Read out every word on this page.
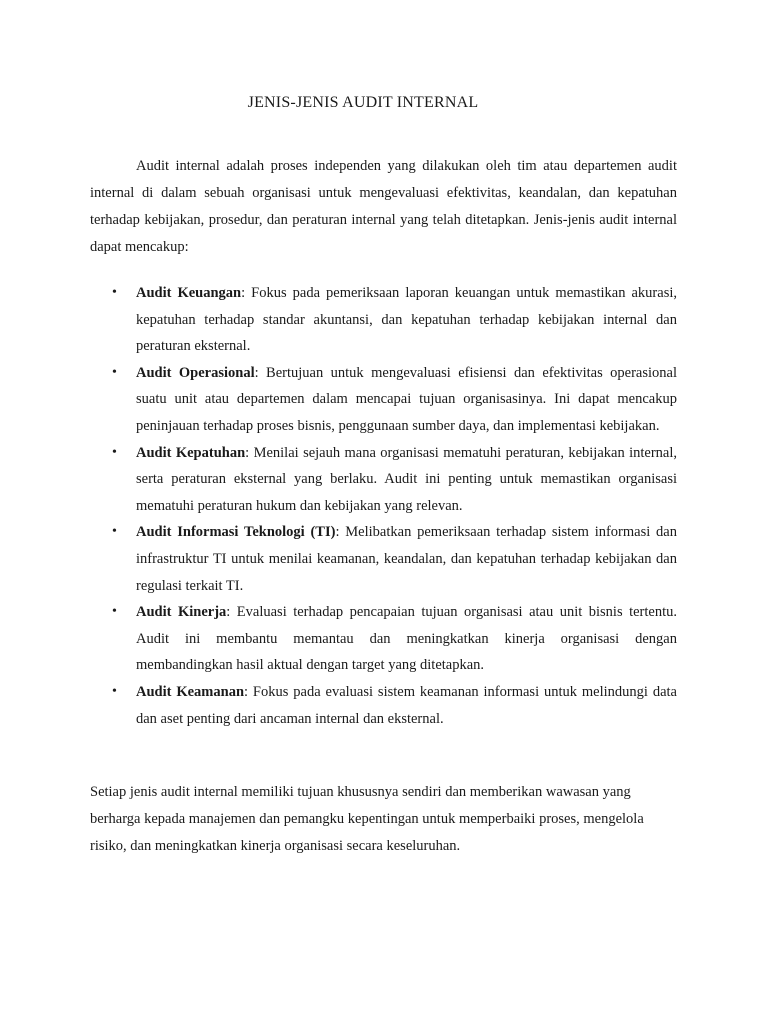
JENIS-JENIS AUDIT INTERNAL

Audit internal adalah proses independen yang dilakukan oleh tim atau departemen audit internal di dalam sebuah organisasi untuk mengevaluasi efektivitas, keandalan, dan kepatuhan terhadap kebijakan, prosedur, dan peraturan internal yang telah ditetapkan. Jenis-jenis audit internal dapat mencakup:

•	Audit Keuangan: Fokus pada pemeriksaan laporan keuangan untuk memastikan akurasi, kepatuhan terhadap standar akuntansi, dan kepatuhan terhadap kebijakan internal dan peraturan eksternal.
•	Audit Operasional: Bertujuan untuk mengevaluasi efisiensi dan efektivitas operasional suatu unit atau departemen dalam mencapai tujuan organisasinya. Ini dapat mencakup peninjauan terhadap proses bisnis, penggunaan sumber daya, dan implementasi kebijakan.
•	Audit Kepatuhan: Menilai sejauh mana organisasi mematuhi peraturan, kebijakan internal, serta peraturan eksternal yang berlaku. Audit ini penting untuk memastikan organisasi mematuhi peraturan hukum dan kebijakan yang relevan.
•	Audit Informasi Teknologi (TI): Melibatkan pemeriksaan terhadap sistem informasi dan infrastruktur TI untuk menilai keamanan, keandalan, dan kepatuhan terhadap kebijakan dan regulasi terkait TI.
•	Audit Kinerja: Evaluasi terhadap pencapaian tujuan organisasi atau unit bisnis tertentu. Audit ini membantu memantau dan meningkatkan kinerja organisasi dengan membandingkan hasil aktual dengan target yang ditetapkan.
•	Audit Keamanan: Fokus pada evaluasi sistem keamanan informasi untuk melindungi data dan aset penting dari ancaman internal dan eksternal.

Setiap jenis audit internal memiliki tujuan khususnya sendiri dan memberikan wawasan yang berharga kepada manajemen dan pemangku kepentingan untuk memperbaiki proses, mengelola risiko, dan meningkatkan kinerja organisasi secara keseluruhan.
